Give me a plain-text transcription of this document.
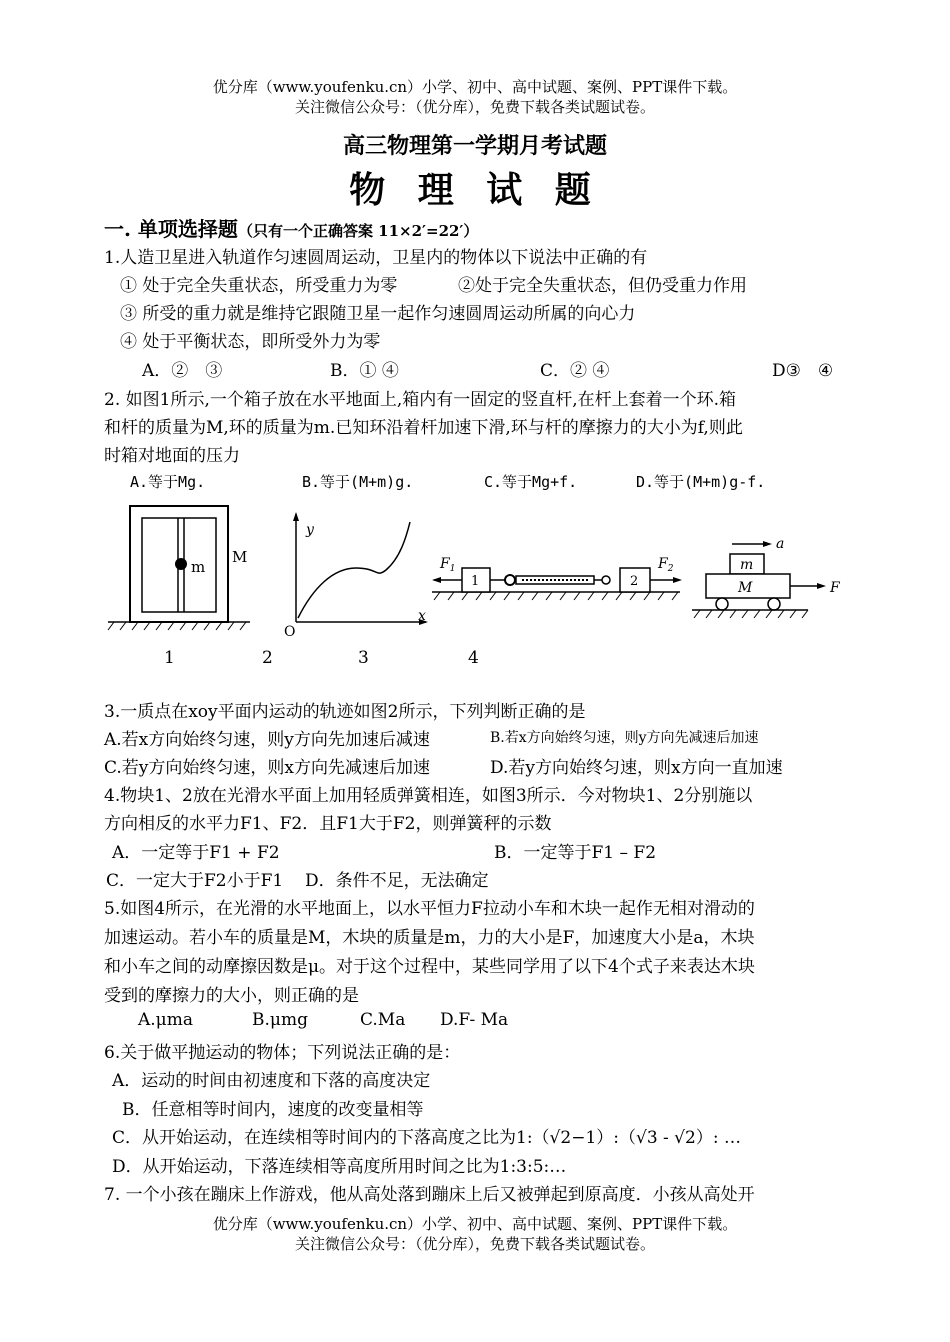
优分库（www.youfenku.cn）小学、初中、高中试题、案例、PPT课件下载。
关注微信公众号：（优分库），免费下载各类试题试卷。
高三物理第一学期月考试题
物 理 试 题
一. 单项选择题（只有一个正确答案 11×2′=22′）
1.人造卫星进入轨道作匀速圆周运动，卫星内的物体以下说法中正确的有
① 处于完全失重状态，所受重力为零	②处于完全失重状态，但仍受重力作用
③ 所受的重力就是维持它跟随卫星一起作匀速圆周运动所属的向心力
④ 处于平衡状态，即所受外力为零
A．②　③	B．① ④	C．② ④	D③　④
2. 如图1所示,一个箱子放在水平地面上,箱内有一固定的竖直杆,在杆上套着一个环.箱
和杆的质量为M,环的质量为m.已知环沿着杆加速下滑,环与杆的摩擦力的大小为f,则此
时箱对地面的压力
A.等于Mg.	B.等于(M+m)g.	C.等于Mg+f.	D.等于(M+m)g-f.
m
M
y
x
O
$F_1$	$F_2$
1	2
a
m
M	F
1	2	3	4
3.一质点在xoy平面内运动的轨迹如图2所示，下列判断正确的是
A.若x方向始终匀速，则y方向先加速后减速	B.若x方向始终匀速，则y方向先减速后加速
C.若y方向始终匀速，则x方向先减速后加速	D.若y方向始终匀速，则x方向一直加速
4.物块1、2放在光滑水平面上加用轻质弹簧相连，如图3所示．今对物块1、2分别施以
方向相反的水平力F1、F2．且F1大于F2，则弹簧秤的示数
A．一定等于F1 + F2	B．一定等于F1 – F2
C．一定大于F2小于F1 D．条件不足，无法确定
5.如图4所示，在光滑的水平地面上，以水平恒力F拉动小车和木块一起作无相对滑动的
加速运动。若小车的质量是M，木块的质量是m，力的大小是F，加速度大小是a，木块
和小车之间的动摩擦因数是μ。对于这个过程中，某些同学用了以下4个式子来表达木块
受到的摩擦力的大小，则正确的是
A.μma	B.μmg	C.Ma D.F- Ma
6.关于做平抛运动的物体；下列说法正确的是：
A．运动的时间由初速度和下落的高度决定
B．任意相等时间内，速度的改变量相等
C．从开始运动，在连续相等时间内的下落高度之比为1:（√2−1）:（√3 - √2）: …
D．从开始运动，下落连续相等高度所用时间之比为1:3:5:…
7. 一个小孩在蹦床上作游戏，他从高处落到蹦床上后又被弹起到原高度．小孩从高处开
优分库（www.youfenku.cn）小学、初中、高中试题、案例、PPT课件下载。
关注微信公众号：（优分库），免费下载各类试题试卷。
